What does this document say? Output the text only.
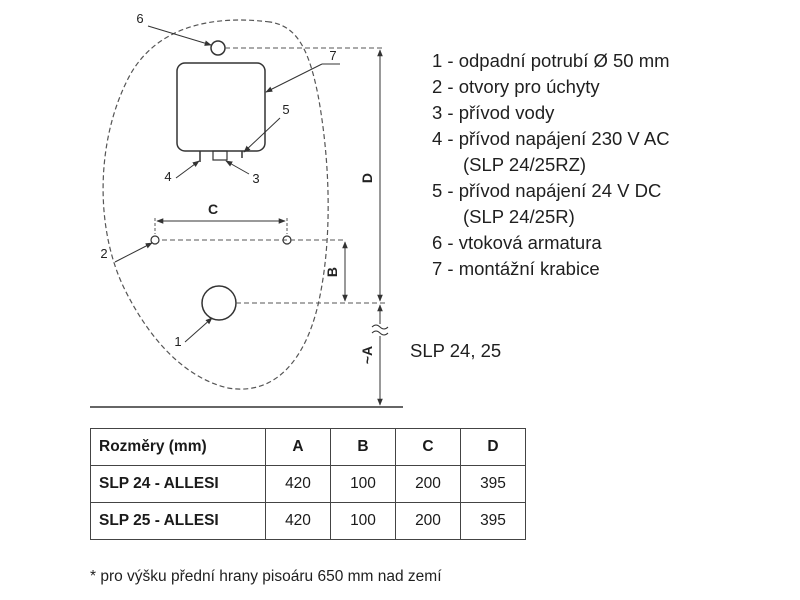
C
B
D
~A
6
7
5
4	3
2
1
1 - odpadní potrubí Ø 50 mm
2 - otvory pro úchyty
3 - přívod vody
4 - přívod napájení 230 V AC
(SLP 24/25RZ)
5 - přívod napájení 24 V DC
(SLP 24/25R)
6 - vtoková armatura
7 - montážní krabice
SLP 24, 25
Rozměry (mm)	A	B	C	D
SLP 24 - ALLESI	420	100	200	395
SLP 25 - ALLESI	420	100	200	395
* pro výšku přední hrany pisoáru 650 mm nad zemí
